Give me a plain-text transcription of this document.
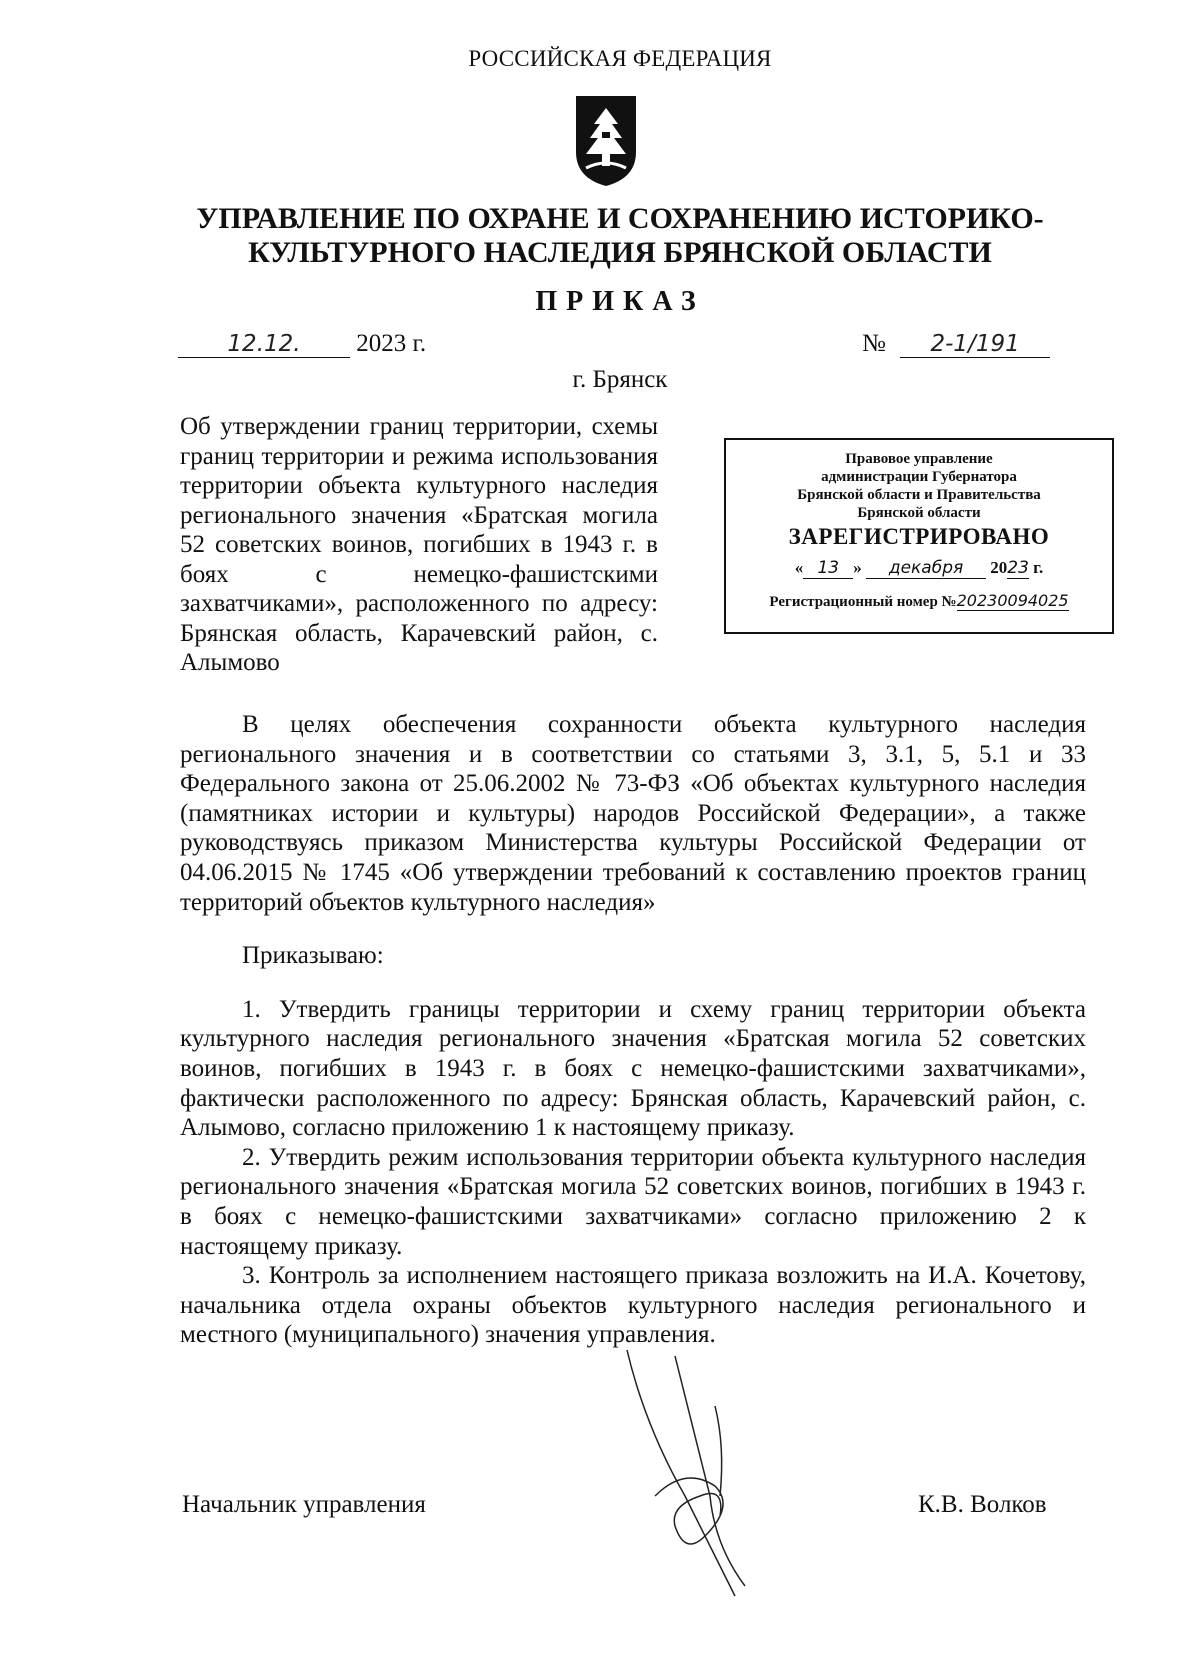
РОССИЙСКАЯ ФЕДЕРАЦИЯ
УПРАВЛЕНИЕ ПО ОХРАНЕ И СОХРАНЕНИЮ ИСТОРИКО-
КУЛЬТУРНОГО НАСЛЕДИЯ БРЯНСКОЙ ОБЛАСТИ
ПРИКАЗ
12.12. 2023 г.	№ 2-1/191
г. Брянск

Об утверждении границ территории, схемы границ территории и режима использования территории объекта культурного наследия регионального значения «Братская могила 52 советских воинов, погибших в 1943 г. в боях с немецко-фашистскими захватчиками», расположенного по адресу: Брянская область, Карачевский район, с. Алымово

Правовое управление
администрации Губернатора
Брянской области и Правительства
Брянской области
ЗАРЕГИСТРИРОВАНО
« 13 » декабря 2023 г.
Регистрационный номер №20230094025

В целях обеспечения сохранности объекта культурного наследия регионального значения и в соответствии со статьями 3, 3.1, 5, 5.1 и 33 Федерального закона от 25.06.2002 № 73-ФЗ «Об объектах культурного наследия (памятниках истории и культуры) народов Российской Федерации», а также руководствуясь приказом Министерства культуры Российской Федерации от 04.06.2015 № 1745 «Об утверждении требований к составлению проектов границ территорий объектов культурного наследия»

Приказываю:

1. Утвердить границы территории и схему границ территории объекта культурного наследия регионального значения «Братская могила 52 советских воинов, погибших в 1943 г. в боях с немецко-фашистскими захватчиками», фактически расположенного по адресу: Брянская область, Карачевский район, с. Алымово, согласно приложению 1 к настоящему приказу.

2. Утвердить режим использования территории объекта культурного наследия регионального значения «Братская могила 52 советских воинов, погибших в 1943 г. в боях с немецко-фашистскими захватчиками» согласно приложению 2 к настоящему приказу.

3. Контроль за исполнением настоящего приказа возложить на И.А. Кочетову, начальника отдела охраны объектов культурного наследия регионального и местного (муниципального) значения управления.

Начальник управления	К.В. Волков
